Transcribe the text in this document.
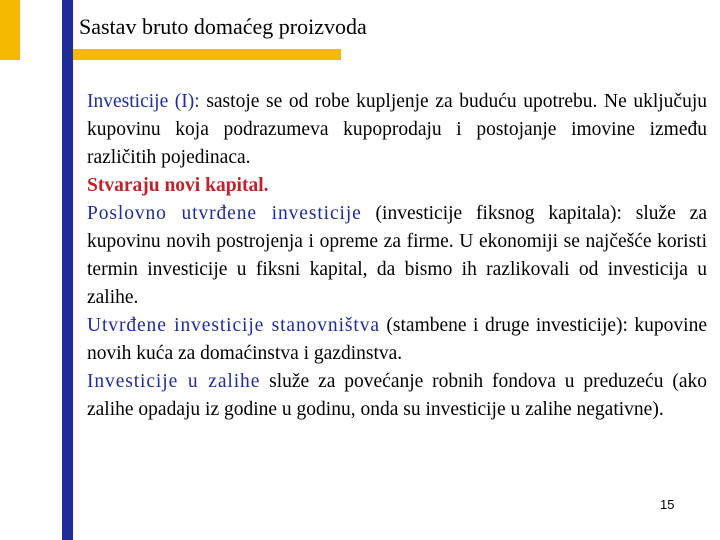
Sastav bruto domaćeg proizvoda

Investicije (I): sastoje se od robe kupljenje za buduću upotrebu. Ne uključuju kupovinu koja podrazumeva kupoprodaju i postojanje imovine između različitih pojedinaca.

Stvaraju novi kapital.

Poslovno utvrđene investicije (investicije fiksnog kapitala): služe za kupovinu novih postrojenja i opreme za firme. U ekonomiji se najčešće koristi termin investicije u fiksni kapital, da bismo ih razlikovali od investicija u zalihe.

Utvrđene investicije stanovništva (stambene i druge investicije): kupovine novih kuća za domaćinstva i gazdinstva.

Investicije u zalihe služe za povećanje robnih fondova u preduzeću (ako zalihe opadaju iz godine u godinu, onda su investicije u zalihe negativne).

15
